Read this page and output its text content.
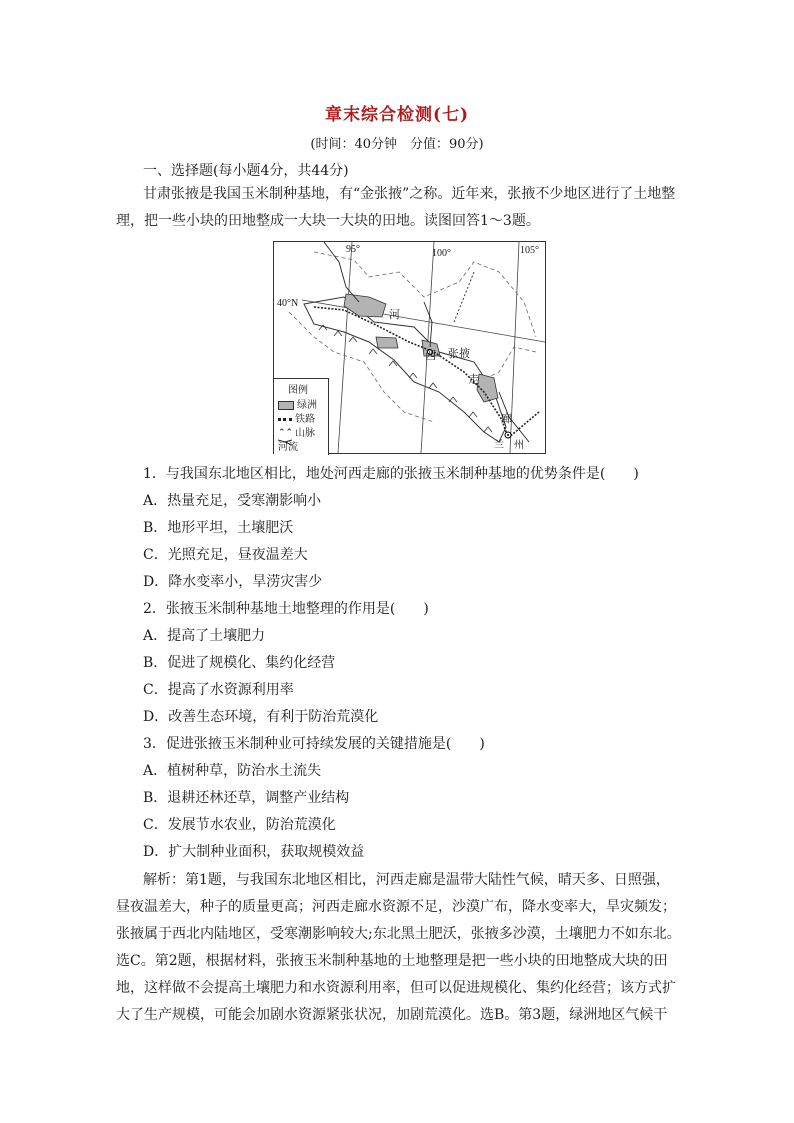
章末综合检测(七)
(时间：40分钟　分值：90分)
一、选择题(每小题4分，共44分)
甘肃张掖是我国玉米制种基地，有“金张掖”之称。近年来，张掖不少地区进行了土地整理，把一些小块的田地整成一大块一大块的田地。读图回答1～3题。
95°	100°	105°
40°N
河
西 张掖
走
廊
兰 州
图例
绿洲
铁路
⌃⌃ 山脉
河流
1．与我国东北地区相比，地处河西走廊的张掖玉米制种基地的优势条件是(　　)
A．热量充足，受寒潮影响小
B．地形平坦，土壤肥沃
C．光照充足，昼夜温差大
D．降水变率小，旱涝灾害少
2．张掖玉米制种基地土地整理的作用是(　　)
A．提高了土壤肥力
B．促进了规模化、集约化经营
C．提高了水资源利用率
D．改善生态环境，有利于防治荒漠化
3．促进张掖玉米制种业可持续发展的关键措施是(　　)
A．植树种草，防治水土流失
B．退耕还林还草，调整产业结构
C．发展节水农业，防治荒漠化
D．扩大制种业面积，获取规模效益
解析：第1题，与我国东北地区相比，河西走廊是温带大陆性气候，晴天多、日照强，昼夜温差大，种子的质量更高；河西走廊水资源不足，沙漠广布，降水变率大，旱灾频发；张掖属于西北内陆地区，受寒潮影响较大;东北黑土肥沃，张掖多沙漠，土壤肥力不如东北。选C。第2题，根据材料，张掖玉米制种基地的土地整理是把一些小块的田地整成大块的田地，这样做不会提高土壤肥力和水资源利用率，但可以促进规模化、集约化经营；该方式扩大了生产规模，可能会加剧水资源紧张状况，加剧荒漠化。选B。第3题，绿洲地区气候干
